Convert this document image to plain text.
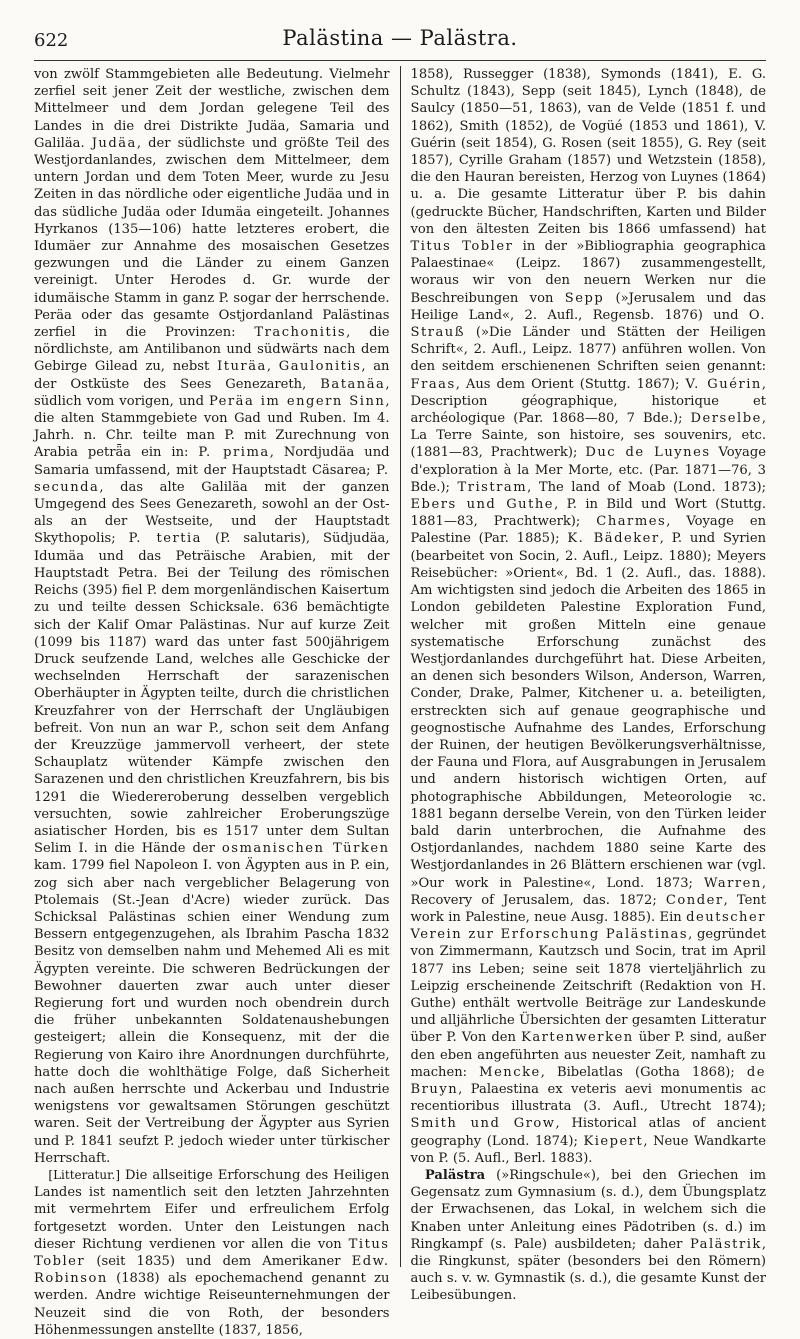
622	Palästina — Palästra.

von zwölf Stammgebieten alle Bedeutung. Vielmehr zerfiel seit jener Zeit der westliche, zwischen dem Mittelmeer und dem Jordan gelegene Teil des Landes in die drei Distrikte Judäa, Samaria und Galiläa. Judäa, der südlichste und größte Teil des Westjordanlandes, zwischen dem Mittelmeer, dem untern Jordan und dem Toten Meer, wurde zu Jesu Zeiten in das nördliche oder eigentliche Judäa und in das südliche Judäa oder Idumäa eingeteilt. Johannes Hyrkanos (135—106) hatte letzteres erobert, die Idumäer zur Annahme des mosaischen Gesetzes gezwungen und die Länder zu einem Ganzen vereinigt. Unter Herodes d. Gr. wurde der idumäische Stamm in ganz P. sogar der herrschende. Peräa oder das gesamte Ostjordanland Palästinas zerfiel in die Provinzen: Trachonitis, die nördlichste, am Antilibanon und südwärts nach dem Gebirge Gilead zu, nebst Ituräa, Gaulonitis, an der Ostküste des Sees Genezareth, Batanäa, südlich vom vorigen, und Peräa im engern Sinn, die alten Stammgebiete von Gad und Ruben. Im 4. Jahrh. n. Chr. teilte man P. mit Zurechnung von Arabia petrǟa ein in: P. prima, Nordjudäa und Samaria umfassend, mit der Hauptstadt Cäsarea; P. secunda, das alte Galiläa mit der ganzen Umgegend des Sees Genezareth, sowohl an der Ost- als an der Westseite, und der Hauptstadt Skythopolis; P. tertia (P. salutaris), Südjudäa, Idumäa und das Peträische Arabien, mit der Hauptstadt Petra. Bei der Teilung des römischen Reichs (395) fiel P. dem morgenländischen Kaisertum zu und teilte dessen Schicksale. 636 bemächtigte sich der Kalif Omar Palästinas. Nur auf kurze Zeit (1099 bis 1187) ward das unter fast 500jährigem Druck seufzende Land, welches alle Geschicke der wechselnden Herrschaft der sarazenischen Oberhäupter in Ägypten teilte, durch die christlichen Kreuzfahrer von der Herrschaft der Ungläubigen befreit. Von nun an war P., schon seit dem Anfang der Kreuzzüge jammervoll verheert, der stete Schauplatz wütender Kämpfe zwischen den Sarazenen und den christlichen Kreuzfahrern, bis bis 1291 die Wiedereroberung desselben vergeblich versuchten, sowie zahlreicher Eroberungszüge asiatischer Horden, bis es 1517 unter dem Sultan Selim I. in die Hände der osmanischen Türken kam. 1799 fiel Napoleon I. von Ägypten aus in P. ein, zog sich aber nach vergeblicher Belagerung von Ptolemais (St.-Jean d'Acre) wieder zurück. Das Schicksal Palästinas schien einer Wendung zum Bessern entgegenzugehen, als Ibrahim Pascha 1832 Besitz von demselben nahm und Mehemed Ali es mit Ägypten vereinte. Die schweren Bedrückungen der Bewohner dauerten zwar auch unter dieser Regierung fort und wurden noch obendrein durch die früher unbekannten Soldatenaushebungen gesteigert; allein die Konsequenz, mit der die Regierung von Kairo ihre Anordnungen durchführte, hatte doch die wohlthätige Folge, daß Sicherheit nach außen herrschte und Ackerbau und Industrie wenigstens vor gewaltsamen Störungen geschützt waren. Seit der Vertreibung der Ägypter aus Syrien und P. 1841 seufzt P. jedoch wieder unter türkischer Herrschaft.

[Litteratur.] Die allseitige Erforschung des Heiligen Landes ist namentlich seit den letzten Jahrzehnten mit vermehrtem Eifer und erfreulichem Erfolg fortgesetzt worden. Unter den Leistungen nach dieser Richtung verdienen vor allen die von Titus Tobler (seit 1835) und dem Amerikaner Edw. Robinson (1838) als epochemachend genannt zu werden. Andre wichtige Reiseunternehmungen der Neuzeit sind die von Roth, der besonders Höhenmessungen anstellte (1837, 1856,

1858), Russegger (1838), Symonds (1841), E. G. Schultz (1843), Sepp (seit 1845), Lynch (1848), de Saulcy (1850—51, 1863), van de Velde (1851 f. und 1862), Smith (1852), de Vogüé (1853 und 1861), V. Guérin (seit 1854), G. Rosen (seit 1855), G. Rey (seit 1857), Cyrille Graham (1857) und Wetzstein (1858), die den Hauran bereisten, Herzog von Luynes (1864) u. a. Die gesamte Litteratur über P. bis dahin (gedruckte Bücher, Handschriften, Karten und Bilder von den ältesten Zeiten bis 1866 umfassend) hat Titus Tobler in der »Bibliographia geographica Palaestinae« (Leipz. 1867) zusammengestellt, woraus wir von den neuern Werken nur die Beschreibungen von Sepp (»Jerusalem und das Heilige Land«, 2. Aufl., Regensb. 1876) und O. Strauß (»Die Länder und Stätten der Heiligen Schrift«, 2. Aufl., Leipz. 1877) anführen wollen. Von den seitdem erschienenen Schriften seien genannt: Fraas, Aus dem Orient (Stuttg. 1867); V. Guérin, Description géographique, historique et archéologique (Par. 1868—80, 7 Bde.); Derselbe, La Terre Sainte, son histoire, ses souvenirs, etc. (1881—83, Prachtwerk); Duc de Luynes Voyage d'exploration à la Mer Morte, etc. (Par. 1871—76, 3 Bde.); Tristram, The land of Moab (Lond. 1873); Ebers und Guthe, P. in Bild und Wort (Stuttg. 1881—83, Prachtwerk); Charmes, Voyage en Palestine (Par. 1885); K. Bädeker, P. und Syrien (bearbeitet von Socin, 2. Aufl., Leipz. 1880); Meyers Reisebücher: »Orient«, Bd. 1 (2. Aufl., das. 1888). Am wichtigsten sind jedoch die Arbeiten des 1865 in London gebildeten Palestine Exploration Fund, welcher mit großen Mitteln eine genaue systematische Erforschung zunächst des Westjordanlandes durchgeführt hat. Diese Arbeiten, an denen sich besonders Wilson, Anderson, Warren, Conder, Drake, Palmer, Kitchener u. a. beteiligten, erstreckten sich auf genaue geographische und geognostische Aufnahme des Landes, Erforschung der Ruinen, der heutigen Bevölkerungsverhältnisse, der Fauna und Flora, auf Ausgrabungen in Jerusalem und andern historisch wichtigen Orten, auf photographische Abbildungen, Meteorologie ꝛc. 1881 begann derselbe Verein, von den Türken leider bald darin unterbrochen, die Aufnahme des Ostjordanlandes, nachdem 1880 seine Karte des Westjordanlandes in 26 Blättern erschienen war (vgl. »Our work in Palestine«, Lond. 1873; Warren, Recovery of Jerusalem, das. 1872; Conder, Tent work in Palestine, neue Ausg. 1885). Ein deutscher Verein zur Erforschung Palästinas, gegründet von Zimmermann, Kautzsch und Socin, trat im April 1877 ins Leben; seine seit 1878 vierteljährlich zu Leipzig erscheinende Zeitschrift (Redaktion von H. Guthe) enthält wertvolle Beiträge zur Landeskunde und alljährliche Übersichten der gesamten Litteratur über P. Von den Kartenwerken über P. sind, außer den eben angeführten aus neuester Zeit, namhaft zu machen: Mencke, Bibelatlas (Gotha 1868); de Bruyn, Palaestina ex veteris aevi monumentis ac recentioribus illustrata (3. Aufl., Utrecht 1874); Smith und Grow, Historical atlas of ancient geography (Lond. 1874); Kiepert, Neue Wandkarte von P. (5. Aufl., Berl. 1883).

Palästra (»Ringschule«), bei den Griechen im Gegensatz zum Gymnasium (s. d.), dem Übungsplatz der Erwachsenen, das Lokal, in welchem sich die Knaben unter Anleitung eines Pädotriben (s. d.) im Ringkampf (s. Pale) ausbildeten; daher Palästrik, die Ringkunst, später (besonders bei den Römern) auch s. v. w. Gymnastik (s. d.), die gesamte Kunst der Leibesübungen.
